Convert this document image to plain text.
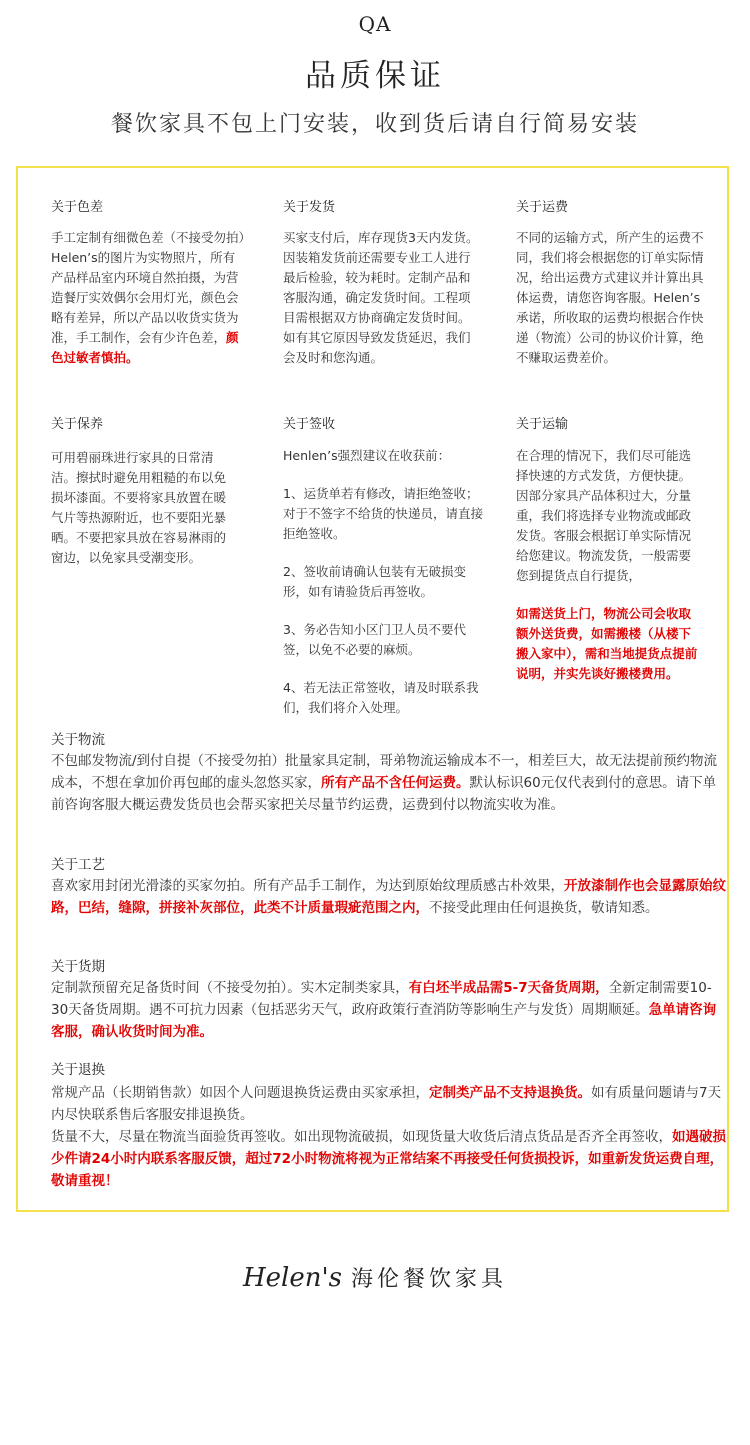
QA
品质保证
餐饮家具不包上门安装，收到货后请自行简易安装
关于色差
手工定制有细微色差（不接受勿拍）Helen’s的图片为实物照片，所有产品样品室内环境自然拍摄，为营造餐厅实效偶尔会用灯光，颜色会略有差异，所以产品以收货实货为准，手工制作，会有少许色差，颜色过敏者慎拍。
关于发货
买家支付后，库存现货3天内发货。因装箱发货前还需要专业工人进行最后检验，较为耗时。定制产品和客服沟通，确定发货时间。工程项目需根据双方协商确定发货时间。如有其它原因导致发货延迟，我们会及时和您沟通。
关于运费
不同的运输方式，所产生的运费不同，我们将会根据您的订单实际情况，给出运费方式建议并计算出具体运费，请您咨询客服。Helen’s承诺，所收取的运费均根据合作快递（物流）公司的协议价计算，绝不赚取运费差价。
关于保养
可用碧丽珠进行家具的日常清洁。擦拭时避免用粗糙的布以免损坏漆面。不要将家具放置在暖气片等热源附近，也不要阳光暴晒。不要把家具放在容易淋雨的窗边，以免家具受潮变形。
关于签收

Henlen’s强烈建议在收获前：

1、运货单若有修改，请拒绝签收；对于不签字不给货的快递员，请直接拒绝签收。

2、签收前请确认包装有无破损变形，如有请验货后再签收。

3、务必告知小区门卫人员不要代签，以免不必要的麻烦。

4、若无法正常签收，请及时联系我们，我们将介入处理。

关于运输

在合理的情况下，我们尽可能选择快速的方式发货，方便快捷。

因部分家具产品体积过大，分量重，我们将选择专业物流或邮政发货。客服会根据订单实际情况给您建议。物流发货，一般需要您到提货点自行提货，

如需送货上门，物流公司会收取额外送货费，如需搬楼（从楼下搬入家中），需和当地提货点提前说明，并实先谈好搬楼费用。

关于物流

不包邮发物流/到付自提（不接受勿拍）批量家具定制，哥弟物流运输成本不一，相差巨大，故无法提前预约物流成本，不想在拿加价再包邮的虚头忽悠买家，所有产品不含任何运费。默认标识60元仅代表到付的意思。请下单前咨询客服大概运费发货员也会帮买家把关尽量节约运费，运费到付以物流实收为准。

关于工艺

喜欢家用封闭光滑漆的买家勿拍。所有产品手工制作，为达到原始纹理质感古朴效果，开放漆制作也会显露原始纹路，巴结，缝隙，拼接补灰部位，此类不计质量瑕疵范围之内，不接受此理由任何退换货，敬请知悉。

关于货期

定制款预留充足备货时间（不接受勿拍）。实木定制类家具，有白坯半成品需5-7天备货周期，全新定制需要10-30天备货周期。遇不可抗力因素（包括恶劣天气，政府政策行查消防等影响生产与发货）周期顺延。急单请咨询客服，确认收货时间为准。

关于退换

常规产品（长期销售款）如因个人问题退换货运费由买家承担，定制类产品不支持退换货。如有质量问题请与7天内尽快联系售后客服安排退换货。
货量不大，尽量在物流当面验货再签收。如出现物流破损，如现货量大收货后清点货品是否齐全再签收，如遇破损少件请24小时内联系客服反馈，超过72小时物流将视为正常结案不再接受任何货损投诉，如重新发货运费自理，敬请重视！

Helen's 海伦餐饮家具
